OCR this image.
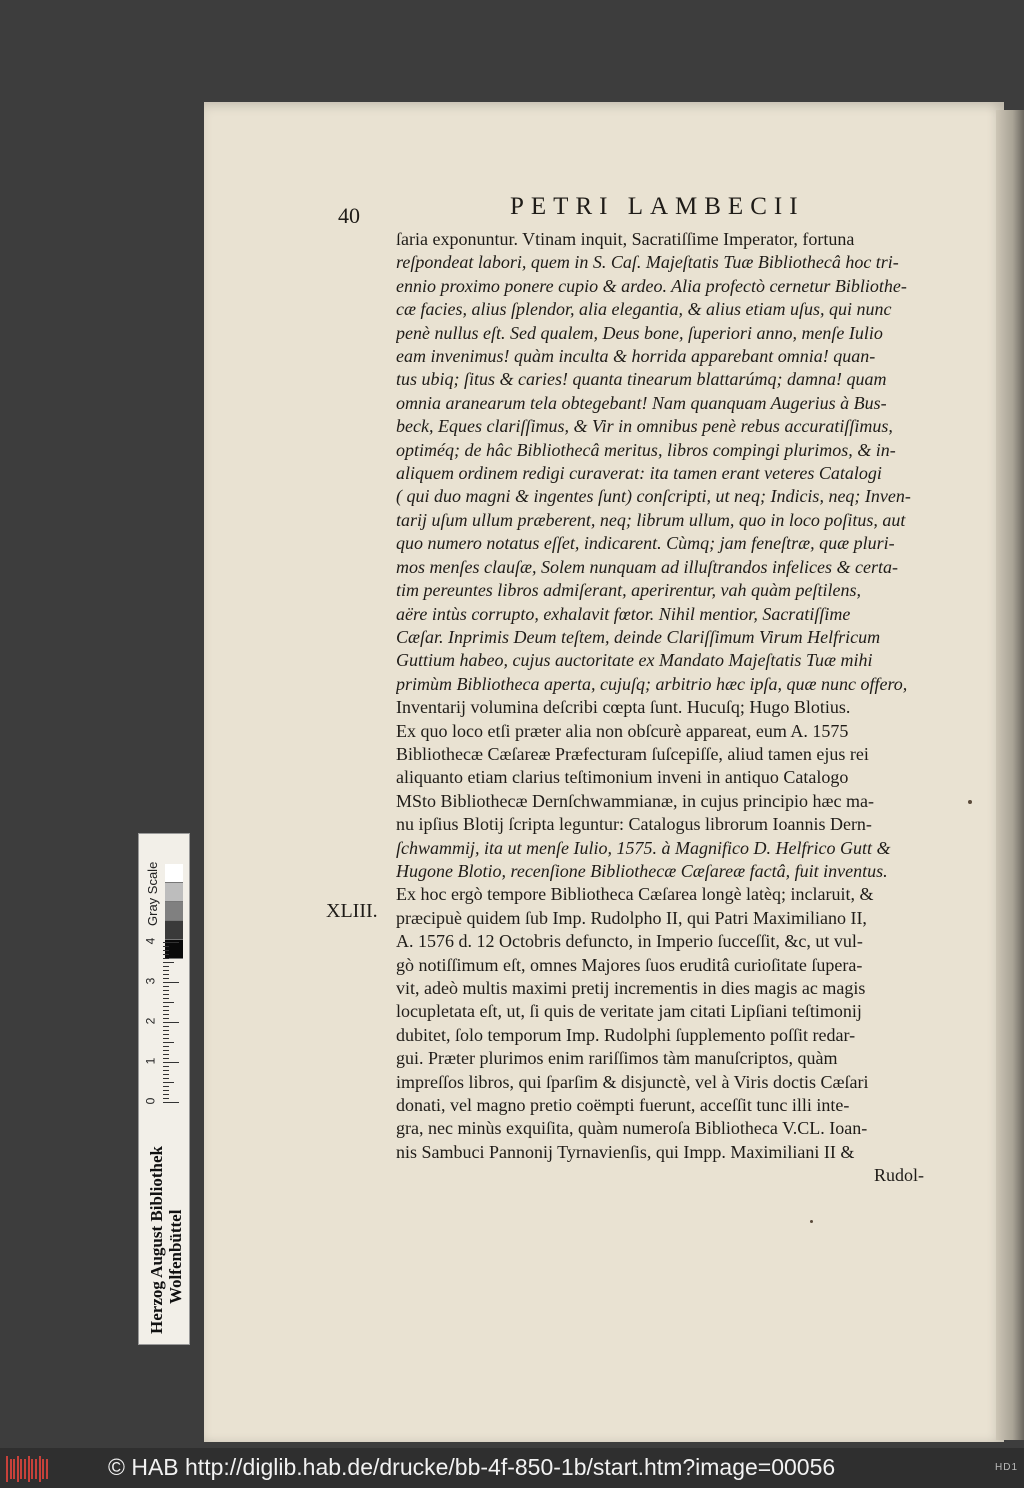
40	PETRI LAMBECII
XLIII.
ſaria exponuntur. Vtinam inquit, Sacratiſſime Imperator, fortuna
reſpondeat labori, quem in S. Caſ. Majeſtatis Tuæ Bibliothecâ hoc tri-
ennio proximo ponere cupio & ardeo. Alia profectò cernetur Bibliothe-
cæ facies, alius ſplendor, alia elegantia, & alius etiam uſus, qui nunc
penè nullus eſt. Sed qualem, Deus bone, ſuperiori anno, menſe Iulio
eam invenimus! quàm inculta & horrida apparebant omnia! quan-
tus ubiq; ſitus & caries! quanta tinearum blattarúmq; damna! quam
omnia aranearum tela obtegebant! Nam quanquam Augerius à Bus-
beck, Eques clariſſimus, & Vir in omnibus penè rebus accuratiſſimus,
optiméq; de hâc Bibliothecâ meritus, libros compingi plurimos, & in-
aliquem ordinem redigi curaverat: ita tamen erant veteres Catalogi
( qui duo magni & ingentes ſunt) conſcripti, ut neq; Indicis, neq; Inven-
tarij uſum ullum præberent, neq; librum ullum, quo in loco poſitus, aut
quo numero notatus eſſet, indicarent. Cùmq; jam feneſtræ, quæ pluri-
mos menſes clauſæ, Solem nunquam ad illuſtrandos infelices & certa-
tim pereuntes libros admiſerant, aperirentur, vah quàm peſtilens,
aëre intùs corrupto, exhalavit fœtor. Nihil mentior, Sacratiſſime
Cæſar. Inprimis Deum teſtem, deinde Clariſſimum Virum Helfricum
Guttium habeo, cujus auctoritate ex Mandato Majeſtatis Tuæ mihi
primùm Bibliotheca aperta, cujuſq; arbitrio hæc ipſa, quæ nunc offero,
Inventarij volumina deſcribi cœpta ſunt. Hucuſq; Hugo Blotius.
Ex quo loco etſi præter alia non obſcurè appareat, eum A. 1575
Bibliothecæ Cæſareæ Præfecturam ſuſcepiſſe, aliud tamen ejus rei
aliquanto etiam clarius teſtimonium inveni in antiquo Catalogo
MSto Bibliothecæ Dernſchwammianæ, in cujus principio hæc ma-
nu ipſius Blotij ſcripta leguntur: Catalogus librorum Ioannis Dern-
ſchwammij, ita ut menſe Iulio, 1575. à Magnifico D. Helfrico Gutt &
Hugone Blotio, recenſione Bibliothecæ Cæſareæ factâ, fuit inventus.
Ex hoc ergò tempore Bibliotheca Cæſarea longè latèq; inclaruit, &
præcipuè quidem ſub Imp. Rudolpho II, qui Patri Maximiliano II,
A. 1576 d. 12 Octobris defuncto, in Imperio ſucceſſit, &c, ut vul-
gò notiſſimum eſt, omnes Majores ſuos eruditâ curioſitate ſupera-
vit, adeò multis maximi pretij incrementis in dies magis ac magis
locupletata eſt, ut, ſi quis de veritate jam citati Lipſiani teſtimonij
dubitet, ſolo temporum Imp. Rudolphi ſupplemento poſſit redar-
gui. Præter plurimos enim rariſſimos tàm manuſcriptos, quàm
impreſſos libros, qui ſparſim & disjunctè, vel à Viris doctis Cæſari
donati, vel magno pretio coëmpti fuerunt, acceſſit tunc illi inte-
gra, nec minùs exquiſita, quàm numeroſa Bibliotheca V.CL. Ioan-
nis Sambuci Pannonij Tyrnavienſis, qui Impp. Maximiliani II &
Rudol-
Gray Scale
0
1
2
3
4
Herzog August Bibliothek Wolfenbüttel
© HAB http://diglib.hab.de/drucke/bb-4f-850-1b/start.htm?image=00056	HD1
